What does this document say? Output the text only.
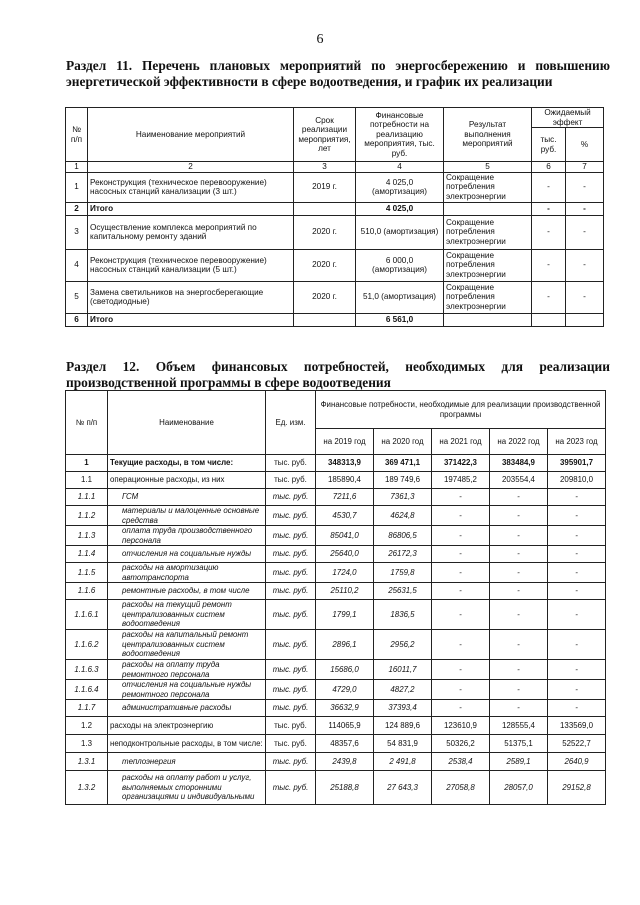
6
Раздел 11. Перечень плановых мероприятий по энергосбережению и повышению энергетической эффективности в сфере водоотведения, и график их реализации
№ п/п	Наименование мероприятий	Срок реализации мероприятия, лет	Финансовые потребности на реализацию мероприятия, тыс. руб.	Результат выполнения мероприятий	Ожидаемый эффект	
					тыс. руб.	%
1	2	3	4	5	6	7
1	Реконструкция (техническое перевооружение) насосных станций канализации (3 шт.)	2019 г.	4 025,0 (амортизация)	Сокращение потребления электроэнергии	-	-
2	Итого		4 025,0		-	-
3	Осуществление комплекса мероприятий по капитальному ремонту зданий	2020 г.	510,0 (амортизация)	Сокращение потребления электроэнергии	-	-
4	Реконструкция (техническое перевооружение) насосных станций канализации (5 шт.)	2020 г.	6 000,0 (амортизация)	Сокращение потребления электроэнергии	-	-
5	Замена светильников на энергосберегающие (светодиодные)	2020 г.	51,0 (амортизация)	Сокращение потребления электроэнергии	-	-
6	Итого		6 561,0			
Раздел 12. Объем финансовых потребностей, необходимых для реализации производственной программы в сфере водоотведения
№ п/п	Наименование	Ед. изм.	Финансовые потребности, необходимые для реализации производственной программы				
			на 2019 год	на 2020 год	на 2021 год	на 2022 год	на 2023 год
1	Текущие расходы, в том числе:	тыс. руб.	348313,9	369 471,1	371422,3	383484,9	395901,7
1.1	операционные расходы, из них	тыс. руб.	185890,4	189 749,6	197485,2	203554,4	209810,0
1.1.1	ГСМ	тыс. руб.	7211,6	7361,3	-	-	-
1.1.2	материалы и малоценные основные средства	тыс. руб.	4530,7	4624,8	-	-	-
1.1.3	оплата труда производственного персонала	тыс. руб.	85041,0	86806,5	-	-	-
1.1.4	отчисления на социальные нужды	тыс. руб.	25640,0	26172,3	-	-	-
1.1.5	расходы на амортизацию автотранспорта	тыс. руб.	1724,0	1759,8	-	-	-
1.1.6	ремонтные расходы, в том числе	тыс. руб.	25110,2	25631,5	-	-	-
1.1.6.1	расходы на текущий ремонт централизованных систем водоотведения	тыс. руб.	1799,1	1836,5	-	-	-
1.1.6.2	расходы на капитальный ремонт централизованных систем водоотведения	тыс. руб.	2896,1	2956,2	-	-	-
1.1.6.3	расходы на оплату труда ремонтного персонала	тыс. руб.	15686,0	16011,7	-	-	-
1.1.6.4	отчисления на социальные нужды ремонтного персонала	тыс. руб.	4729,0	4827,2	-	-	-
1.1.7	административные расходы	тыс. руб.	36632,9	37393,4	-	-	-
1.2	расходы на электроэнергию	тыс. руб.	114065,9	124 889,6	123610,9	128555,4	133569,0
1.3	неподконтрольные расходы, в том числе:	тыс. руб.	48357,6	54 831,9	50326,2	51375,1	52522,7
1.3.1	теплоэнергия	тыс. руб.	2439,8	2 491,8	2538,4	2589,1	2640,9
1.3.2	расходы на оплату работ и услуг, выполняемых сторонними организациями и индивидуальными	тыс. руб.	25188,8	27 643,3	27058,8	28057,0	29152,8
